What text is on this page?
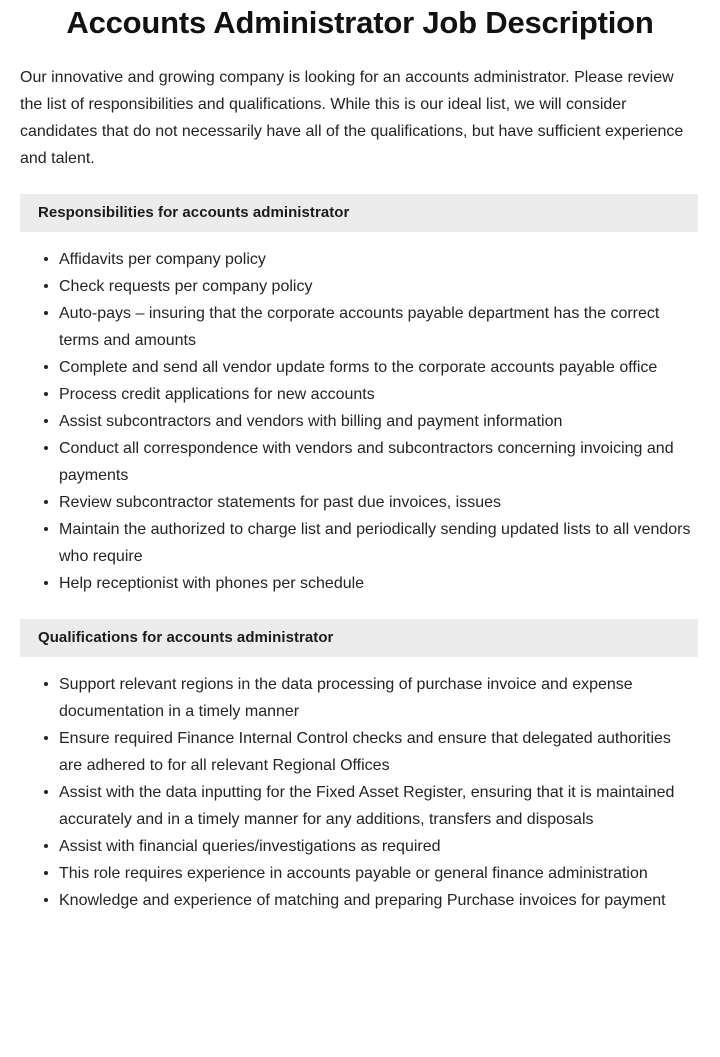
Accounts Administrator Job Description

Our innovative and growing company is looking for an accounts administrator. Please review the list of responsibilities and qualifications. While this is our ideal list, we will consider candidates that do not necessarily have all of the qualifications, but have sufficient experience and talent.

Responsibilities for accounts administrator
Affidavits per company policy
Check requests per company policy
Auto-pays – insuring that the corporate accounts payable department has the correct terms and amounts
Complete and send all vendor update forms to the corporate accounts payable office
Process credit applications for new accounts
Assist subcontractors and vendors with billing and payment information
Conduct all correspondence with vendors and subcontractors concerning invoicing and payments
Review subcontractor statements for past due invoices, issues
Maintain the authorized to charge list and periodically sending updated lists to all vendors who require
Help receptionist with phones per schedule
Qualifications for accounts administrator
Support relevant regions in the data processing of purchase invoice and expense documentation in a timely manner
Ensure required Finance Internal Control checks and ensure that delegated authorities are adhered to for all relevant Regional Offices
Assist with the data inputting for the Fixed Asset Register, ensuring that it is maintained accurately and in a timely manner for any additions, transfers and disposals
Assist with financial queries/investigations as required
This role requires experience in accounts payable or general finance administration
Knowledge and experience of matching and preparing Purchase invoices for payment
